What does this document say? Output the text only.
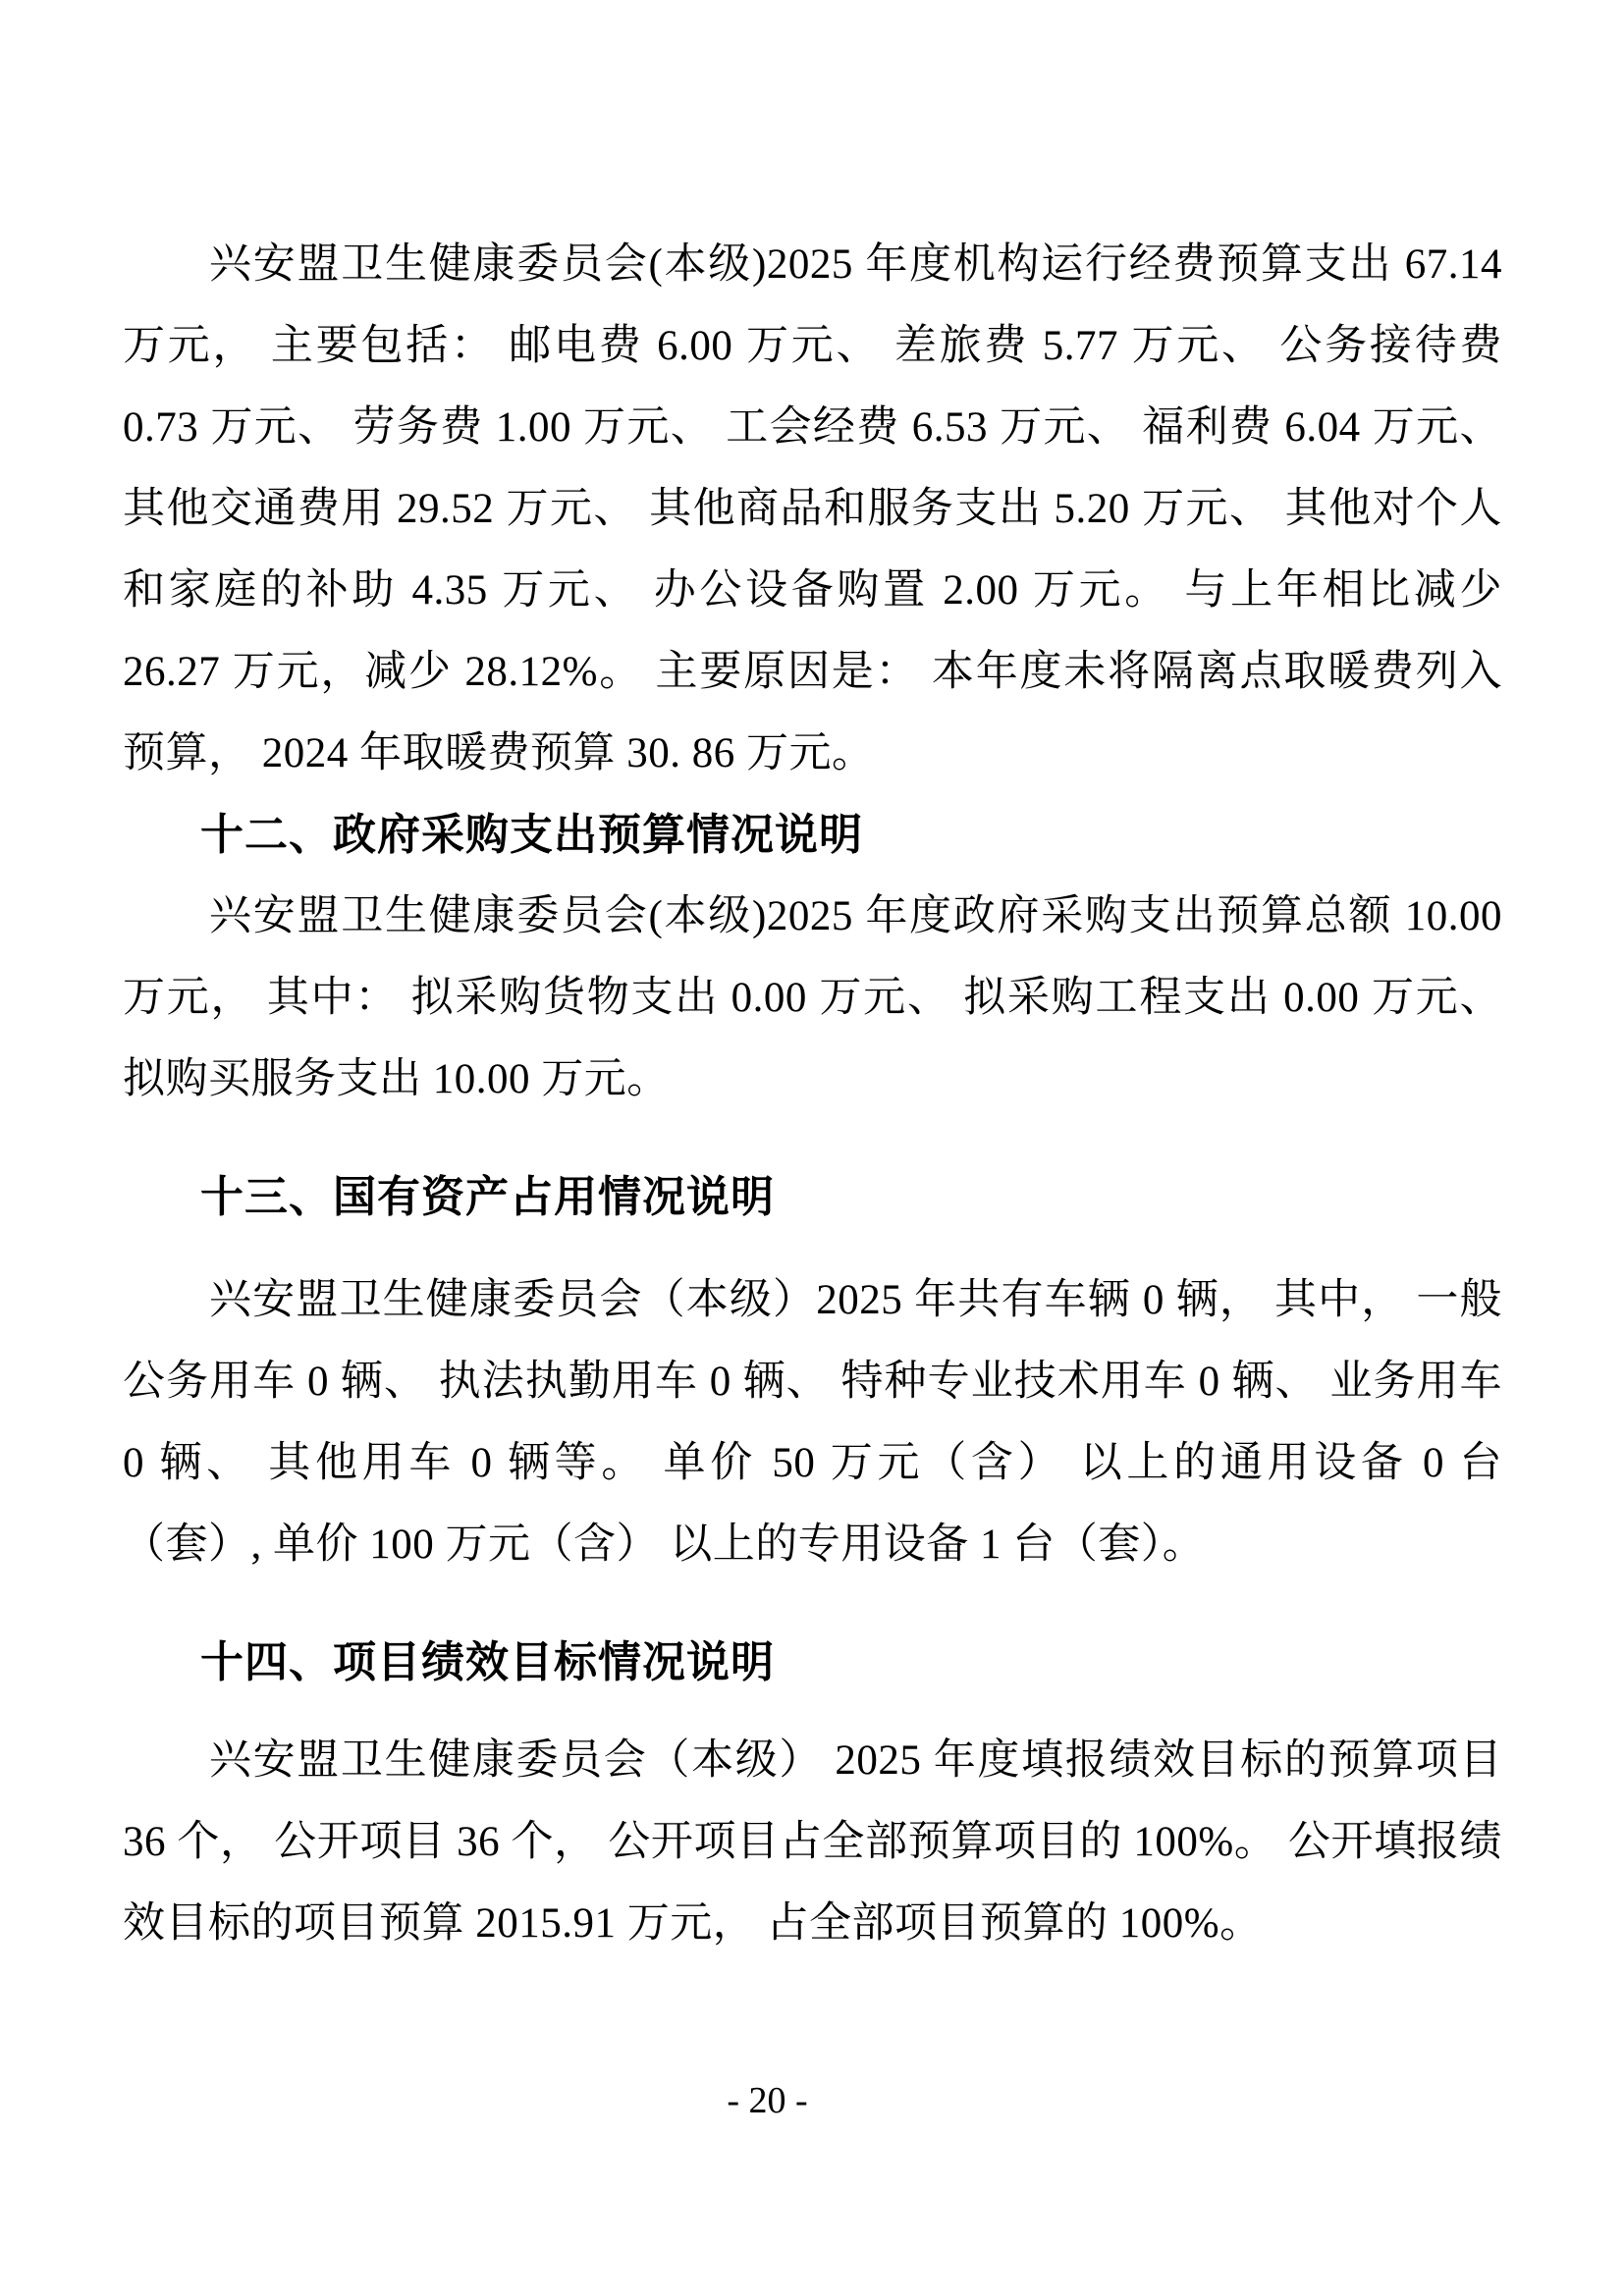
兴安盟卫生健康委员会(本级)2025 年度机构运行经费预算支出 67.14 万元， 主要包括： 邮电费 6.00 万元、 差旅费 5.77 万元、 公务接待费 0.73 万元、 劳务费 1.00 万元、 工会经费 6.53 万元、 福利费 6.04 万元、 其他交通费用 29.52 万元、 其他商品和服务支出 5.20 万元、 其他对个人和家庭的补助 4.35 万元、 办公设备购置 2.00 万元。 与上年相比减少 26.27 万元，减少 28.12%。 主要原因是： 本年度未将隔离点取暖费列入预算， 2024 年取暖费预算 30. 86 万元。

十二、政府采购支出预算情况说明

兴安盟卫生健康委员会(本级)2025 年度政府采购支出预算总额 10.00 万元， 其中： 拟采购货物支出 0.00 万元、 拟采购工程支出 0.00 万元、 拟购买服务支出 10.00 万元。

十三、国有资产占用情况说明

兴安盟卫生健康委员会（本级）2025 年共有车辆 0 辆， 其中， 一般公务用车 0 辆、 执法执勤用车 0 辆、 特种专业技术用车 0 辆、 业务用车 0 辆、 其他用车 0 辆等。 单价 50 万元（含） 以上的通用设备 0 台（套）, 单价 100 万元（含） 以上的专用设备 1 台（套）。

十四、项目绩效目标情况说明

兴安盟卫生健康委员会（本级） 2025 年度填报绩效目标的预算项目 36 个， 公开项目 36 个， 公开项目占全部预算项目的 100%。 公开填报绩效目标的项目预算 2015.91 万元， 占全部项目预算的 100%。

- 20 -
